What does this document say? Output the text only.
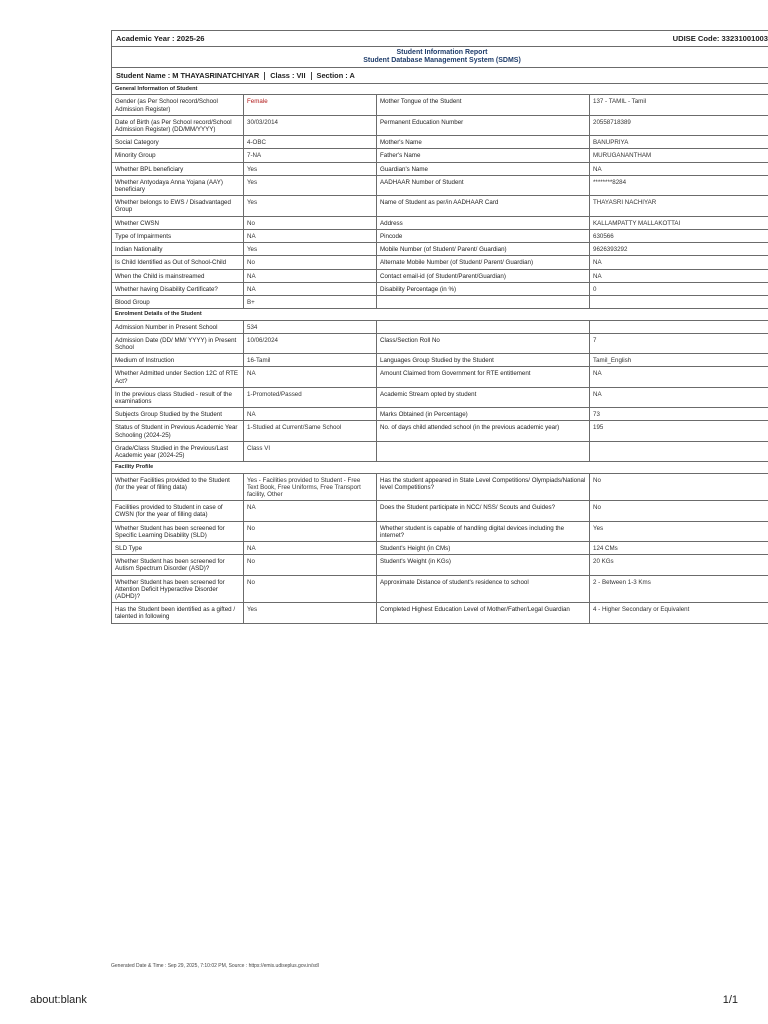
Academic Year : 2025-26		UDISE Code: 33231001003	

Student Information Report
Student Database Management System (SDMS)			

Student Name : M THAYASRINATCHIYAR Class : VII Section : A			
General Information of Student			
Gender (as Per School record/School Admission Register)	Female	Mother Tongue of the Student	137 - TAMIL - Tamil
Date of Birth (as Per School record/School Admission Register) (DD/MM/YYYY)	30/03/2014	Permanent Education Number	20558718389
Social Category	4-OBC	Mother's Name	BANUPRIYA
Minority Group	7-NA	Father's Name	MURUGANANTHAM
Whether BPL beneficiary	Yes	Guardian's Name	NA
Whether Antyodaya Anna Yojana (AAY) beneficiary	Yes	AADHAAR Number of Student	********8284
Whether belongs to EWS / Disadvantaged Group	Yes	Name of Student as per/in AADHAAR Card	THAYASRI NACHIYAR
Whether CWSN	No	Address	KALLAMPATTY MALLAKOTTAI
Type of Impairments	NA	Pincode	630566
Indian Nationality	Yes	Mobile Number (of Student/ Parent/ Guardian)	9626393292
Is Child Identified as Out of School-Child	No	Alternate Mobile Number (of Student/ Parent/ Guardian)	NA
When the Child is mainstreamed	NA	Contact email-id (of Student/Parent/Guardian)	NA
Whether having Disability Certificate?	NA	Disability Percentage (in %)	0
Blood Group	B+		
Enrolment Details of the Student			
Admission Number in Present School	534		
Admission Date (DD/ MM/ YYYY) in Present School	10/06/2024	Class/Section Roll No	7
Medium of Instruction	16-Tamil	Languages Group Studied by the Student	Tamil_English
Whether Admitted under Section 12C of RTE Act?	NA	Amount Claimed from Government for RTE entitlement	NA
In the previous class Studied - result of the examinations	1-Promoted/Passed	Academic Stream opted by student	NA
Subjects Group Studied by the Student	NA	Marks Obtained (in Percentage)	73
Status of Student in Previous Academic Year Schooling (2024-25)	1-Studied at Current/Same School	No. of days child attended school (in the previous academic year)	195
Grade/Class Studied in the Previous/Last Academic year (2024-25)	Class VI		
Facility Profile			
Whether Facilities provided to the Student (for the year of filling data)	Yes - Facilities provided to Student - Free Text Book, Free Uniforms, Free Transport facility, Other	Has the student appeared in State Level Competitions/ Olympiads/National level Competitions?	No
Facilities provided to Student in case of CWSN (for the year of filling data)	NA	Does the Student participate in NCC/ NSS/ Scouts and Guides?	No
Whether Student has been screened for Specific Learning Disability (SLD)	No	Whether student is capable of handling digital devices including the internet?	Yes
SLD Type	NA	Student's Height (in CMs)	124 CMs
Whether Student has been screened for Autism Spectrum Disorder (ASD)?	No	Student's Weight (in KGs)	20 KGs
Whether Student has been screened for Attention Deficit Hyperactive Disorder (ADHD)?	No	Approximate Distance of student's residence to school	2 - Between 1-3 Kms
Has the Student been identified as a gifted / talented in following	Yes	Completed Highest Education Level of Mother/Father/Legal Guardian	4 - Higher Secondary or Equivalent
Generated Date & Time : Sep 29, 2025, 7:10:02 PM, Source : https://emis.udiseplus.gov.in/sdl
about:blank	1/1
